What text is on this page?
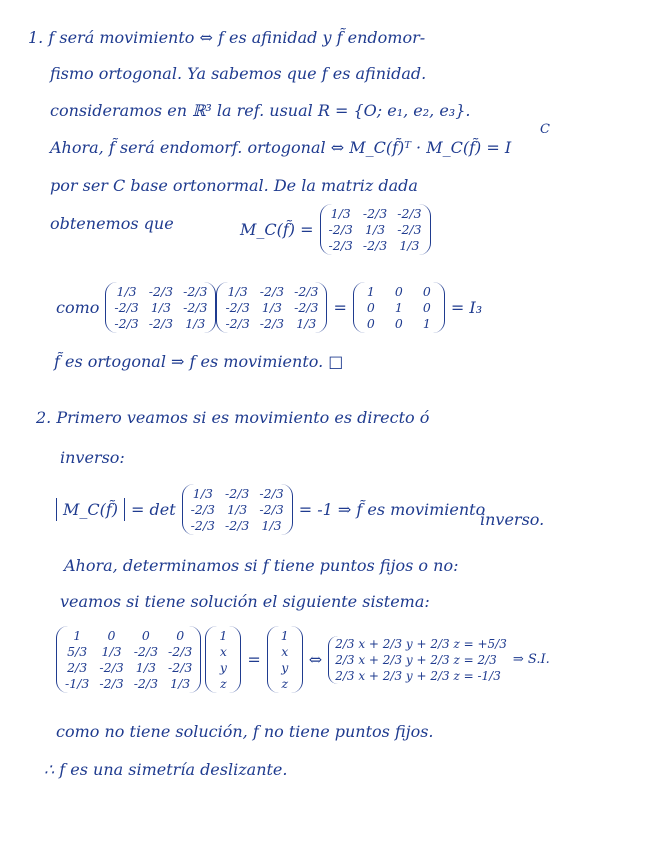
1. f será movimiento ⇔ f es afinidad y f̃ endomor-
fismo ortogonal. Ya sabemos que f es afinidad.
consideramos en ℝ³ la ref. usual R = {O; e₁, e₂, e₃}.
C
Ahora, f̃ será endomorf. ortogonal ⇔ M_C(f̃)ᵀ · M_C(f̃) = I
por ser C base ortonormal. De la matriz dada
obtenemos que	M_C(f̃) =
1/3 -2/3 -2/3
-2/3 1/3 -2/3
-2/3 -2/3 1/3
como
1/3 -2/3 -2/3
-2/3 1/3 -2/3
-2/3 -2/3 1/3
1/3 -2/3 -2/3
-2/3 1/3 -2/3
-2/3 -2/3 1/3
=
1	0	0
0	1	0
0	0	1
= I₃
f̃ es ortogonal ⇒ f es movimiento. □
2. Primero veamos si es movimiento es directo ó
inverso:
M_C(f̃) = det
1/3 -2/3 -2/3
-2/3 1/3 -2/3
-2/3 -2/3 1/3
= -1 ⇒ f̃ es movimiento
inverso.
Ahora, determinamos si f tiene puntos fijos o no:
veamos si tiene solución el siguiente sistema:
1	0	0	0
5/3 1/3 -2/3 -2/3
2/3 -2/3 1/3 -2/3
-1/3 -2/3 -2/3 1/3
1
x
y
z
=
1
x
y
z
⇔
2/3 x + 2/3 y + 2/3 z = +5/3
2/3 x + 2/3 y + 2/3 z = 2/3
2/3 x + 2/3 y + 2/3 z = -1/3
⇒ S.I.
como no tiene solución, f no tiene puntos fijos.
∴ f es una simetría deslizante.
